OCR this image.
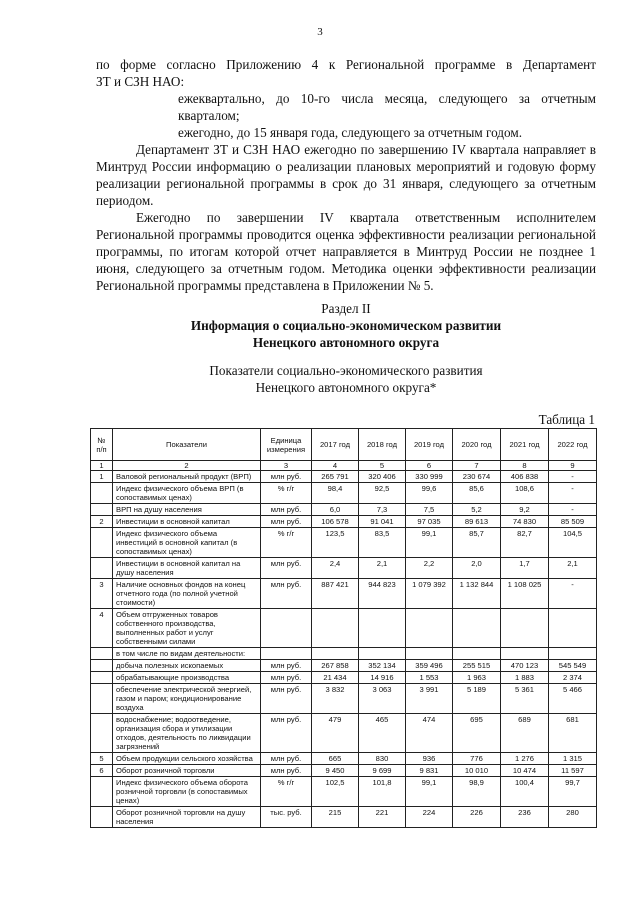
3

по форме согласно Приложению 4 к Региональной программе в Департамент

ЗТ и СЗН НАО:

ежеквартально, до 10-го числа месяца, следующего за отчетным кварталом;

ежегодно, до 15 января года, следующего за отчетным годом.

Департамент ЗТ и СЗН НАО ежегодно по завершению IV квартала направляет в Минтруд России информацию о реализации плановых мероприятий и годовую форму реализации региональной программы в срок до 31 января, следующего за отчетным периодом.

Ежегодно по завершении IV квартала ответственным исполнителем Региональной программы проводится оценка эффективности реализации региональной программы, по итогам которой отчет направляется в Минтруд России не позднее 1 июня, следующего за отчетным годом. Методика оценки эффективности реализации Региональной программы представлена в Приложении № 5.

Раздел II
Информация о социально-экономическом развитии
Ненецкого автономного округа
Показатели социально-экономического развития
Ненецкого автономного округа*
Таблица 1
№ п/п	Показатели	Единица измерения	2017 год	2018 год	2019 год	2020 год	2021 год	2022 год
1	2	3	4	5	6	7	8	9
1	Валовой региональный продукт (ВРП)	млн руб.	265 791	320 406	330 999	230 674	406 838	-
	Индекс физического объема ВРП (в сопоставимых ценах)	% г/г	98,4	92,5	99,6	85,6	108,6	-
	ВРП на душу населения	млн руб.	6,0	7,3	7,5	5,2	9,2	-
2	Инвестиции в основной капитал	млн руб.	106 578	91 041	97 035	89 613	74 830	85 509
	Индекс физического объема инвестиций в основной капитал (в сопоставимых ценах)	% г/г	123,5	83,5	99,1	85,7	82,7	104,5
	Инвестиции в основной капитал на душу населения	млн руб.	2,4	2,1	2,2	2,0	1,7	2,1
3	Наличие основных фондов на конец отчетного года (по полной учетной стоимости)	млн руб.	887 421	944 823	1 079 392	1 132 844	1 108 025	-
4	Объем отгруженных товаров собственного производства, выполненных работ и услуг собственными силами							
	в том числе по видам деятельности:							
	добыча полезных ископаемых	млн руб.	267 858	352 134	359 496	255 515	470 123	545 549
	обрабатывающие производства	млн руб.	21 434	14 916	1 553	1 963	1 883	2 374
	обеспечение электрической энергией, газом и паром; кондиционирование воздуха	млн руб.	3 832	3 063	3 991	5 189	5 361	5 466
	водоснабжение; водоотведение, организация сбора и утилизации отходов, деятельность по ликвидации загрязнений	млн руб.	479	465	474	695	689	681
5	Объем продукции сельского хозяйства	млн руб.	665	830	936	776	1 276	1 315
6	Оборот розничной торговли	млн руб.	9 450	9 699	9 831	10 010	10 474	11 597
	Индекс физического объема оборота розничной торговли (в сопоставимых ценах)	% г/г	102,5	101,8	99,1	98,9	100,4	99,7
	Оборот розничной торговли на душу населения	тыс. руб.	215	221	224	226	236	280
